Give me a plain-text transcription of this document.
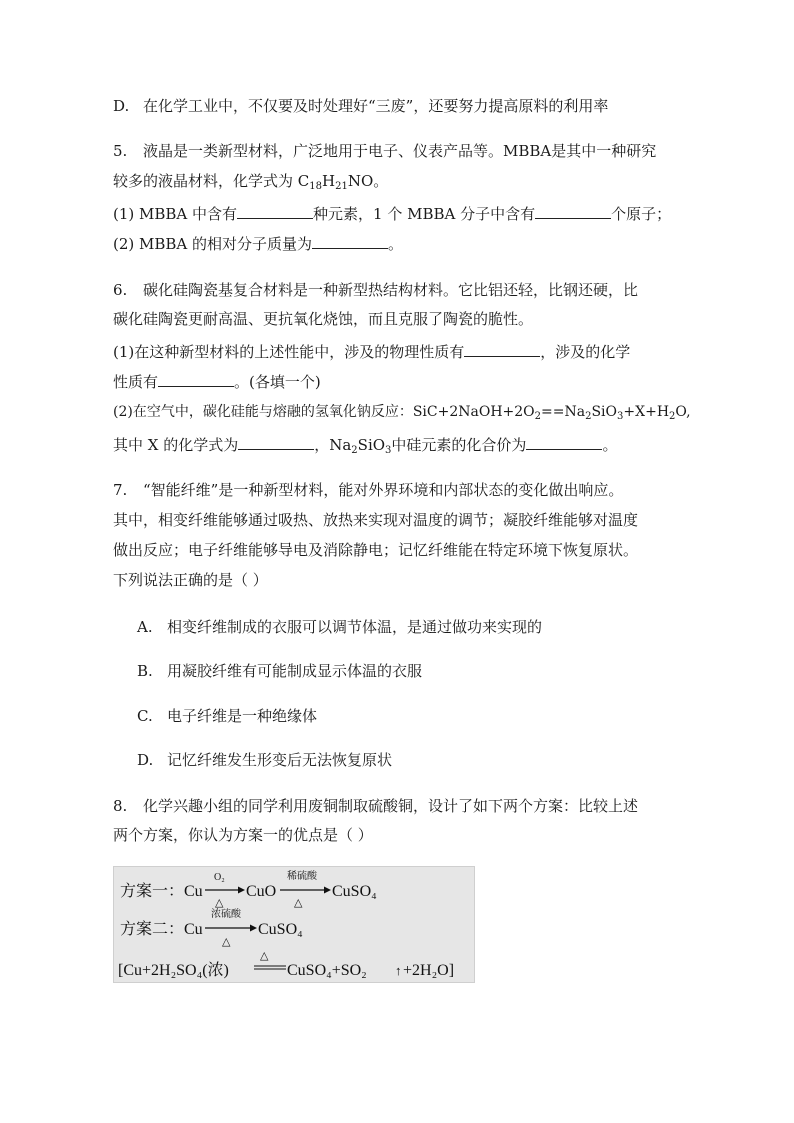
D. 在化学工业中，不仅要及时处理好“三废”，还要努力提高原料的利用率
5. 液晶是一类新型材料，广泛地用于电子、仪表产品等。MBBA是其中一种研究
较多的液晶材料，化学式为 $C_{18}H_{21}NO$。
(1) MBBA 中含有	种元素，1 个 MBBA 分子中含有	个原子；
(2) MBBA 的相对分子质量为	。
6. 碳化硅陶瓷基复合材料是一种新型热结构材料。它比铝还轻，比钢还硬，比
碳化硅陶瓷更耐高温、更抗氧化烧蚀，而且克服了陶瓷的脆性。
(1)在这种新型材料的上述性能中，涉及的物理性质有	，涉及的化学
性质有	。(各填一个)
(2)在空气中，碳化硅能与熔融的氢氧化钠反应：$SiC+2NaOH+2O_2==Na_2SiO_3+X+H_2O$,
其中 X 的化学式为	，$Na_2SiO_3$中硅元素的化合价为	。
7. “智能纤维”是一种新型材料，能对外界环境和内部状态的变化做出响应。
其中，相变纤维能够通过吸热、放热来实现对温度的调节；凝胶纤维能够对温度
做出反应；电子纤维能够导电及消除静电；记忆纤维能在特定环境下恢复原状。
下列说法正确的是（ ）
A. 相变纤维制成的衣服可以调节体温，是通过做功来实现的
B. 用凝胶纤维有可能制成显示体温的衣服
C. 电子纤维是一种绝缘体
D. 记忆纤维发生形变后无法恢复原状
8. 化学兴趣小组的同学利用废铜制取硫酸铜，设计了如下两个方案：比较上述
两个方案，你认为方案一的优点是（ ）
方案一：Cu
O₂
△
CuO
稀硫酸
△
CuSO₄
方案二：Cu
浓硫酸
△
CuSO₄
[Cu+2H₂SO₄(浓)
△
CuSO₄+SO₂ ↑ +2H₂O]
